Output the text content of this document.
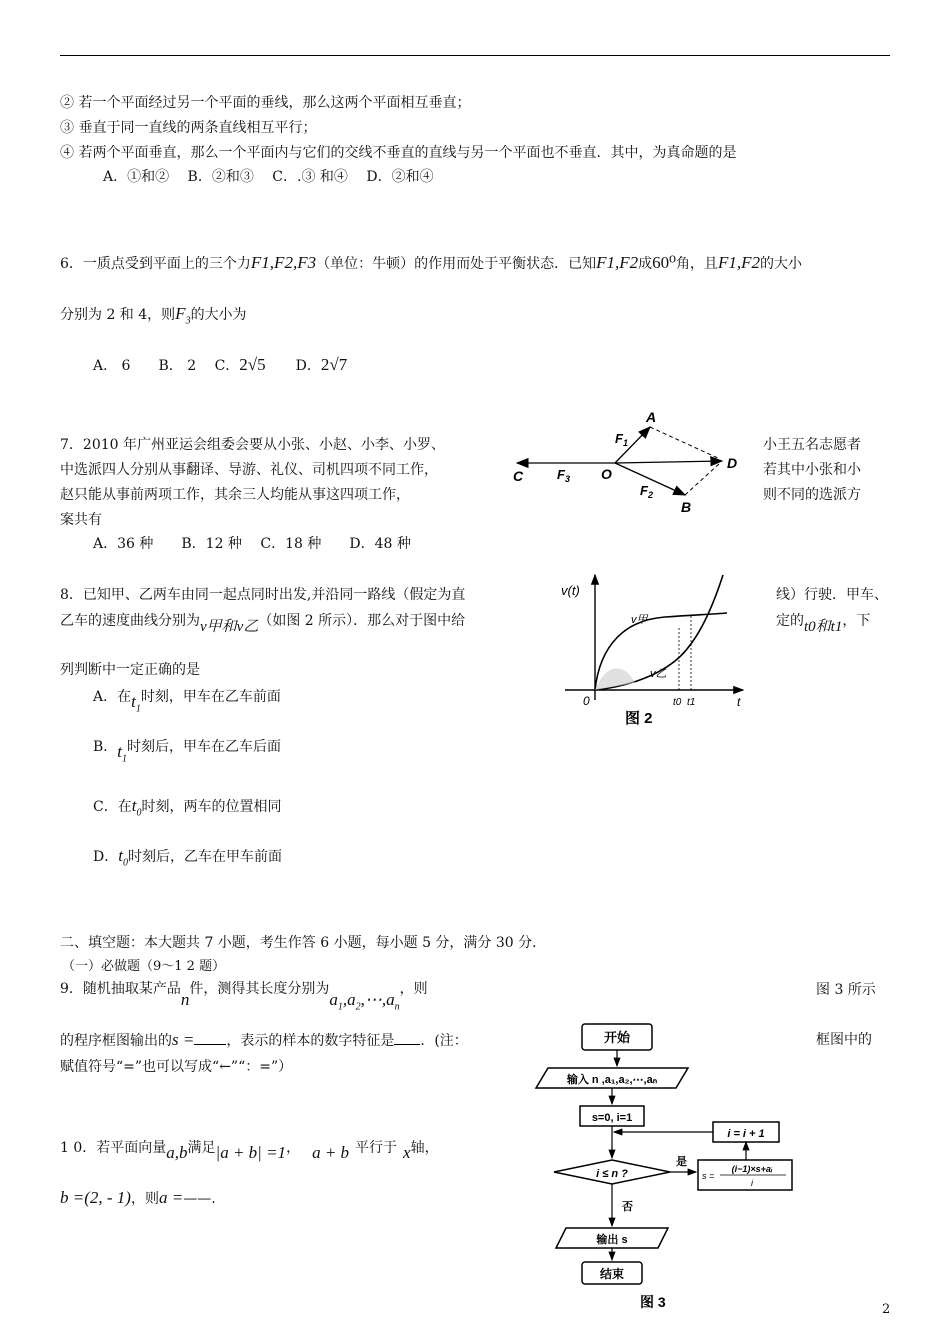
② 若一个平面经过另一个平面的垂线，那么这两个平面相互垂直；
③ 垂直于同一直线的两条直线相互平行；
④ 若两个平面垂直，那么一个平面内与它们的交线不垂直的直线与另一个平面也不垂直．其中，为真命题的是
A．①和②　 B．②和③　 C．.③ 和④　 D．②和④
6．一质点受到平面上的三个力F1,F2,F3（单位：牛顿）的作用而处于平衡状态．已知F1,F2成60⁰角，且F1,F2的大小
分别为 2 和 4，则$F_3$的大小为
A． 6　　B． 2　 C．2√5 D．2√7
7．2010 年广州亚运会组委会要从小张、小赵、小李、小罗、	小王五名志愿者
中选派四人分别从事翻译、导游、礼仪、司机四项不同工作，	若其中小张和小
赵只能从事前两项工作，其余三人均能从事这四项工作，	则不同的选派方
案共有
A．36 种　　B．12 种　 C．18 种　　D．48 种
A
B
C
D
O
$F_1$
$F_2$
$F_3$
8．已知甲、乙两车由同一起点同时出发,并沿同一路线（假定为直	线）行驶．甲车、
乙车的速度曲线分别为v甲和v乙（如图 2 所示）．那么对于图中给	定的t0和t1，下
列判断中一定正确的是
A．在$t_1$时刻，甲车在乙车前面
B．$t_1$时刻后，甲车在乙车后面
C．在$t_0$时刻，两车的位置相同
D．$t_0$时刻后，乙车在甲车前面
v(t)
v甲
v乙
0	t0 t1	t
图 2
二、填空题：本大题共 7 小题，考生作答 6 小题，每小题 5 分，满分 30 分．
（一）必做题（9～1 2 题）
9．随机抽取某产品n件，测得其长度分别为$a_1,a_2,\cdots,a_n$，则	图 3 所示
的程序框图输出的s = ，表示的样本的数字特征是 ．(注：	框图中的
赋值符号“=”也可以写成“←”“：=”）
1 0．若平面向量a,b满足|a + b| =1， a + b 平行于 x轴，
b =(2, - 1)，则a =——.
开始
输入 n ,a₁,a₂,⋯,aₙ
s=0, i=1
i = i + 1
i ≤ n ?
是
s =
(i−1)×s+aᵢ
i
否
输出 s
结束
图 3	2
